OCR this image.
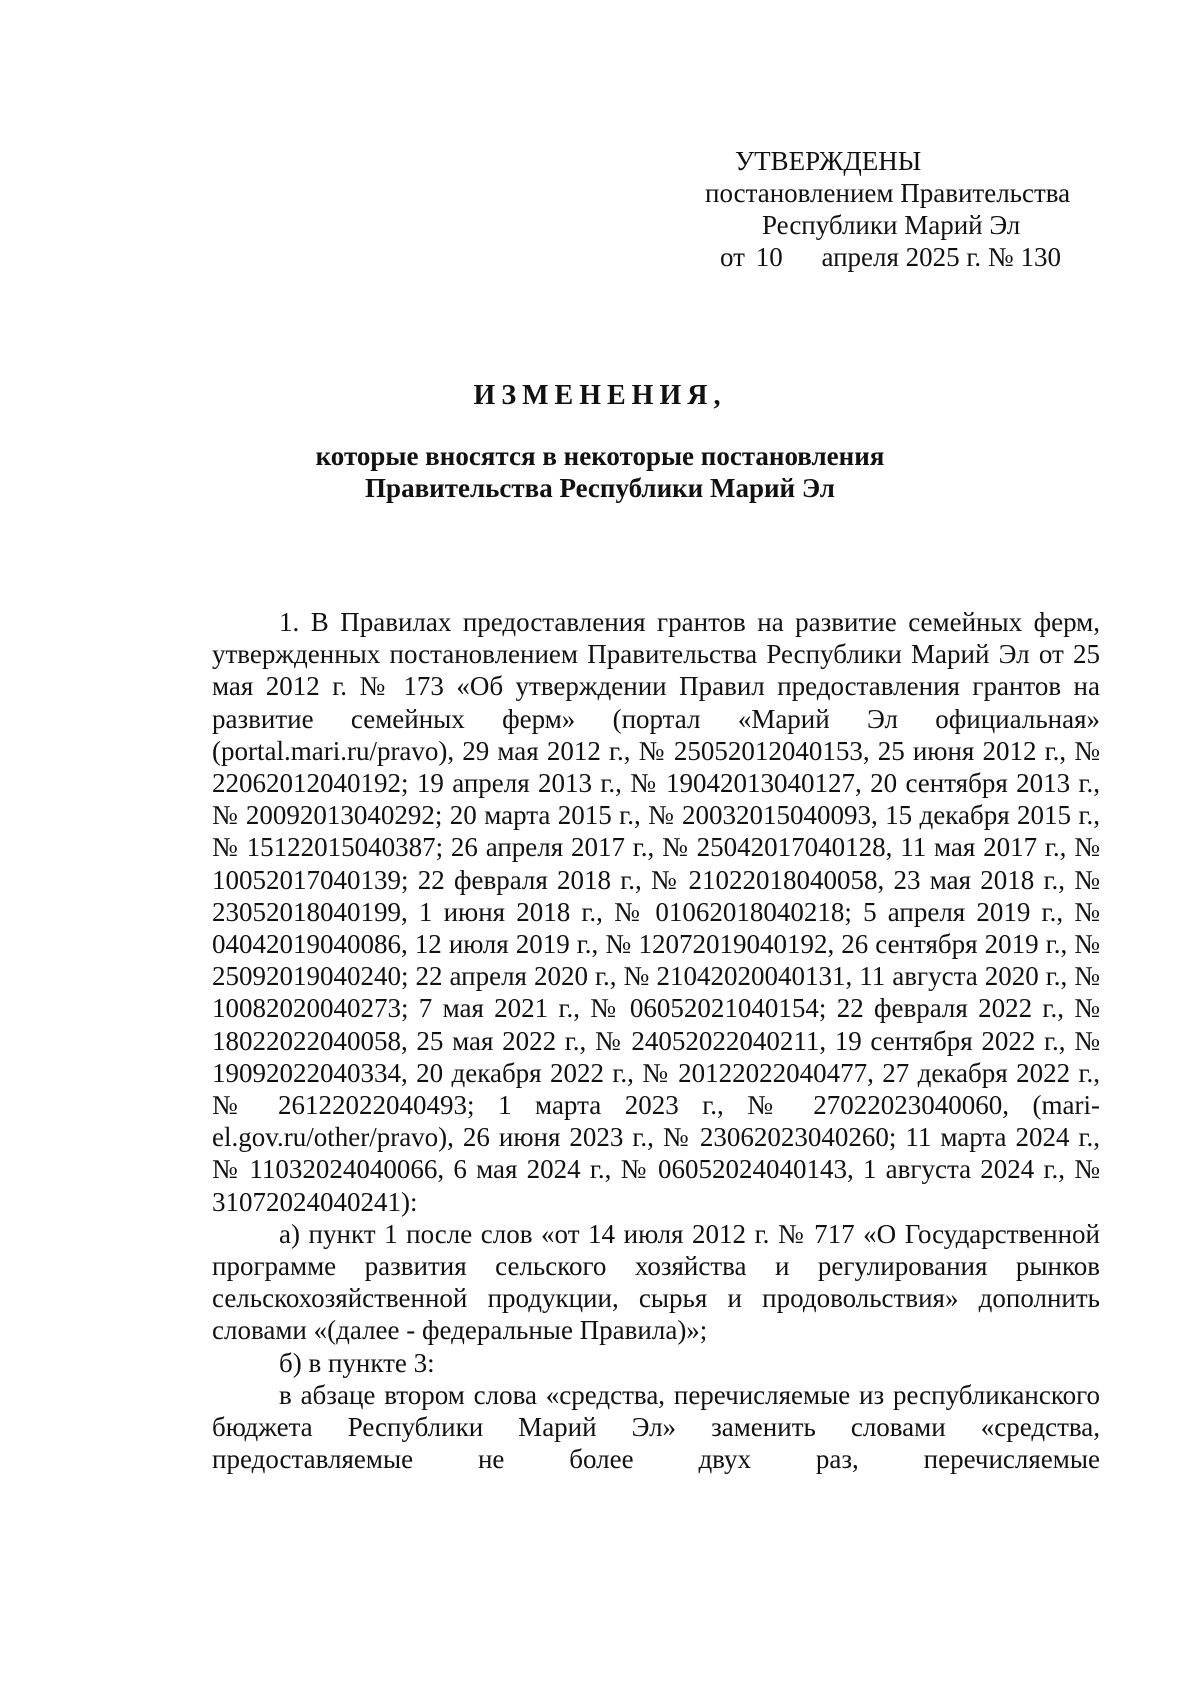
УТВЕРЖДЕНЫ
постановлением Правительства
Республики Марий Эл
от 10 апреля 2025 г. № 130
ИЗМЕНЕНИЯ,
которые вносятся в некоторые постановления
Правительства Республики Марий Эл

1. В Правилах предоставления грантов на развитие семейных ферм, утвержденных постановлением Правительства Республики Марий Эл от 25 мая 2012 г. № 173 «Об утверждении Правил предоставления грантов на развитие семейных ферм» (портал «Марий Эл официальная» (portal.mari.ru/pravo), 29 мая 2012 г., № 25052012040153, 25 июня 2012 г., № 22062012040192; 19 апреля 2013 г., № 19042013040127, 20 сентября 2013 г., № 20092013040292; 20 марта 2015 г., № 20032015040093, 15 декабря 2015 г., № 15122015040387; 26 апреля 2017 г., № 25042017040128, 11 мая 2017 г., № 10052017040139; 22 февраля 2018 г., № 21022018040058, 23 мая 2018 г., № 23052018040199, 1 июня 2018 г., № 01062018040218; 5 апреля 2019 г., № 04042019040086, 12 июля 2019 г., № 12072019040192, 26 сентября 2019 г., № 25092019040240; 22 апреля 2020 г., № 21042020040131, 11 августа 2020 г., № 10082020040273; 7 мая 2021 г., № 06052021040154; 22 февраля 2022 г., № 18022022040058, 25 мая 2022 г., № 24052022040211, 19 сентября 2022 г., № 19092022040334, 20 декабря 2022 г., № 20122022040477, 27 декабря 2022 г., № 26122022040493; 1 марта 2023 г., № 27022023040060, (mari-el.gov.ru/other/pravo), 26 июня 2023 г., № 23062023040260; 11 марта 2024 г., № 11032024040066, 6 мая 2024 г., № 06052024040143, 1 августа 2024 г., № 31072024040241):

а) пункт 1 после слов «от 14 июля 2012 г. № 717 «О Государственной программе развития сельского хозяйства и регулирования рынков сельскохозяйственной продукции, сырья и продовольствия» дополнить словами «(далее - федеральные Правила)»;

б) в пункте 3:

в абзаце втором слова «средства, перечисляемые из республиканского бюджета Республики Марий Эл» заменить словами «средства, предоставляемые не более двух раз, перечисляемые
